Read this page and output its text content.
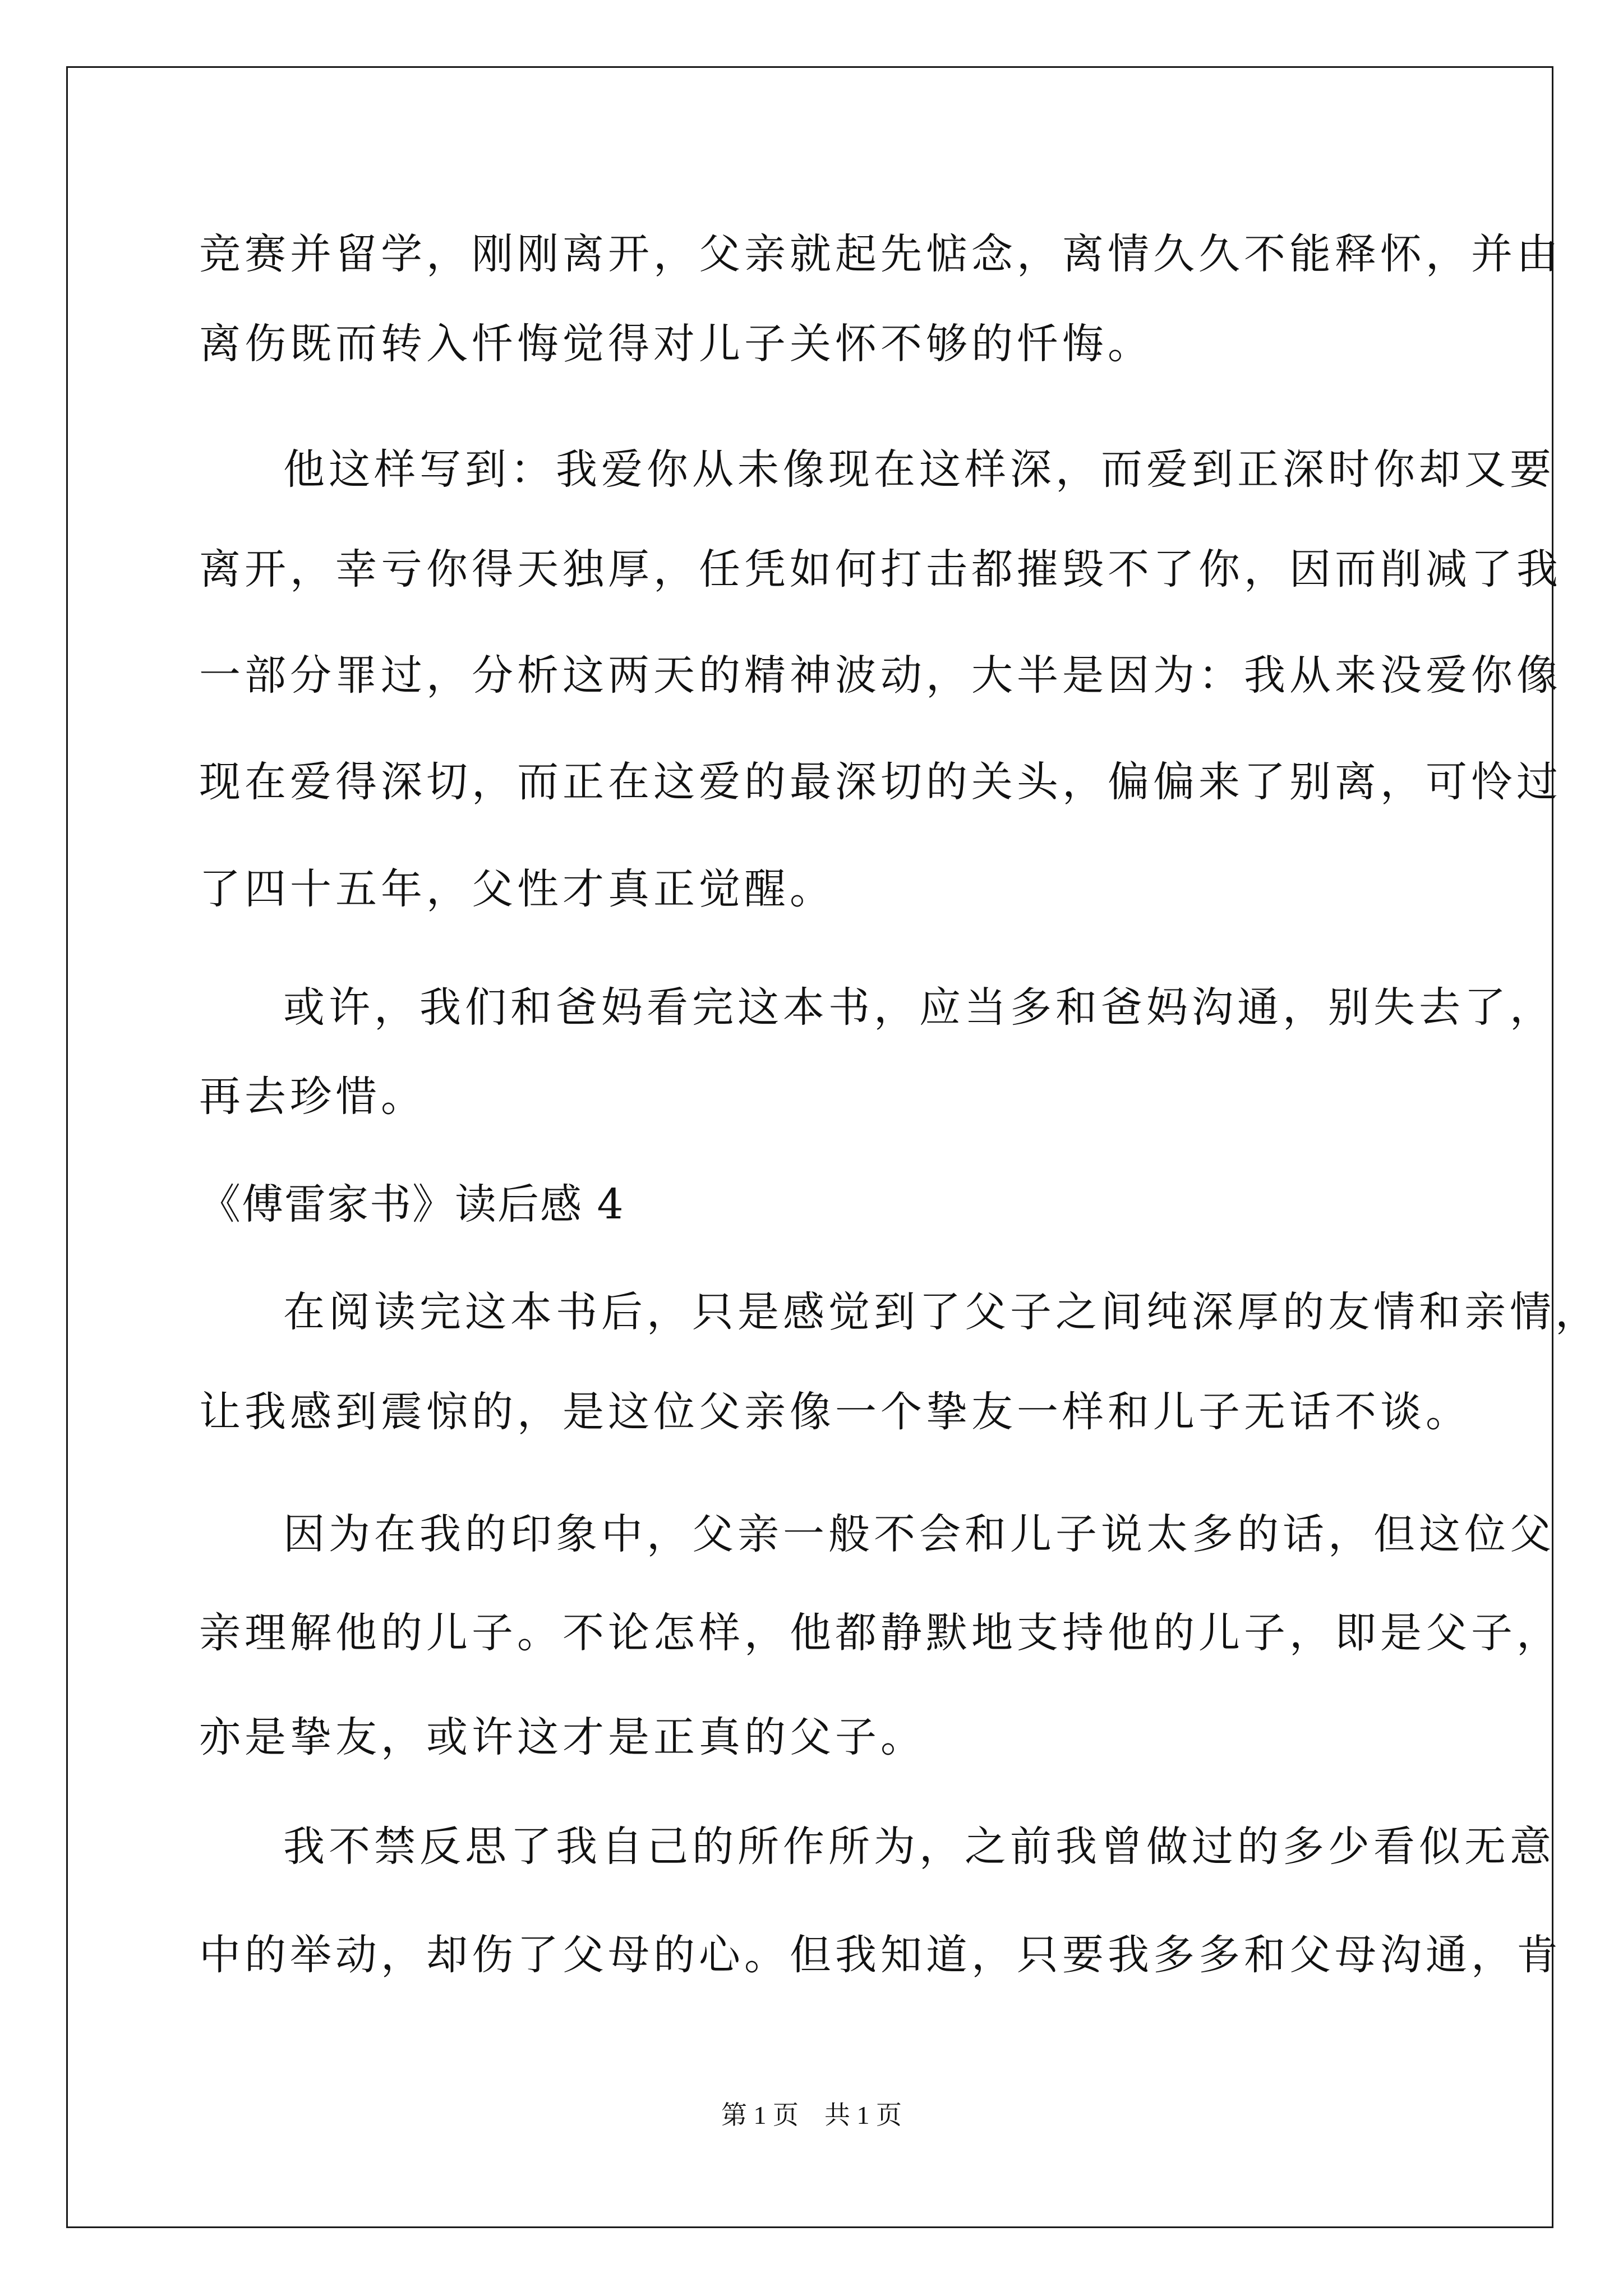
竞赛并留学，刚刚离开，父亲就起先惦念，离情久久不能释怀，并由
离伤既而转入忏悔觉得对儿子关怀不够的忏悔。
他这样写到：我爱你从未像现在这样深，而爱到正深时你却又要
离开，幸亏你得天独厚，任凭如何打击都摧毁不了你，因而削减了我
一部分罪过，分析这两天的精神波动，大半是因为：我从来没爱你像
现在爱得深切，而正在这爱的最深切的关头，偏偏来了别离，可怜过
了四十五年，父性才真正觉醒。
或许，我们和爸妈看完这本书，应当多和爸妈沟通，别失去了，
再去珍惜。
《傅雷家书》读后感 4
在阅读完这本书后，只是感觉到了父子之间纯深厚的友情和亲情，
让我感到震惊的，是这位父亲像一个挚友一样和儿子无话不谈。
因为在我的印象中，父亲一般不会和儿子说太多的话，但这位父
亲理解他的儿子。不论怎样，他都静默地支持他的儿子，即是父子，
亦是挚友，或许这才是正真的父子。
我不禁反思了我自己的所作所为，之前我曾做过的多少看似无意
中的举动，却伤了父母的心。但我知道，只要我多多和父母沟通，肯
第 1 页　共 1 页
